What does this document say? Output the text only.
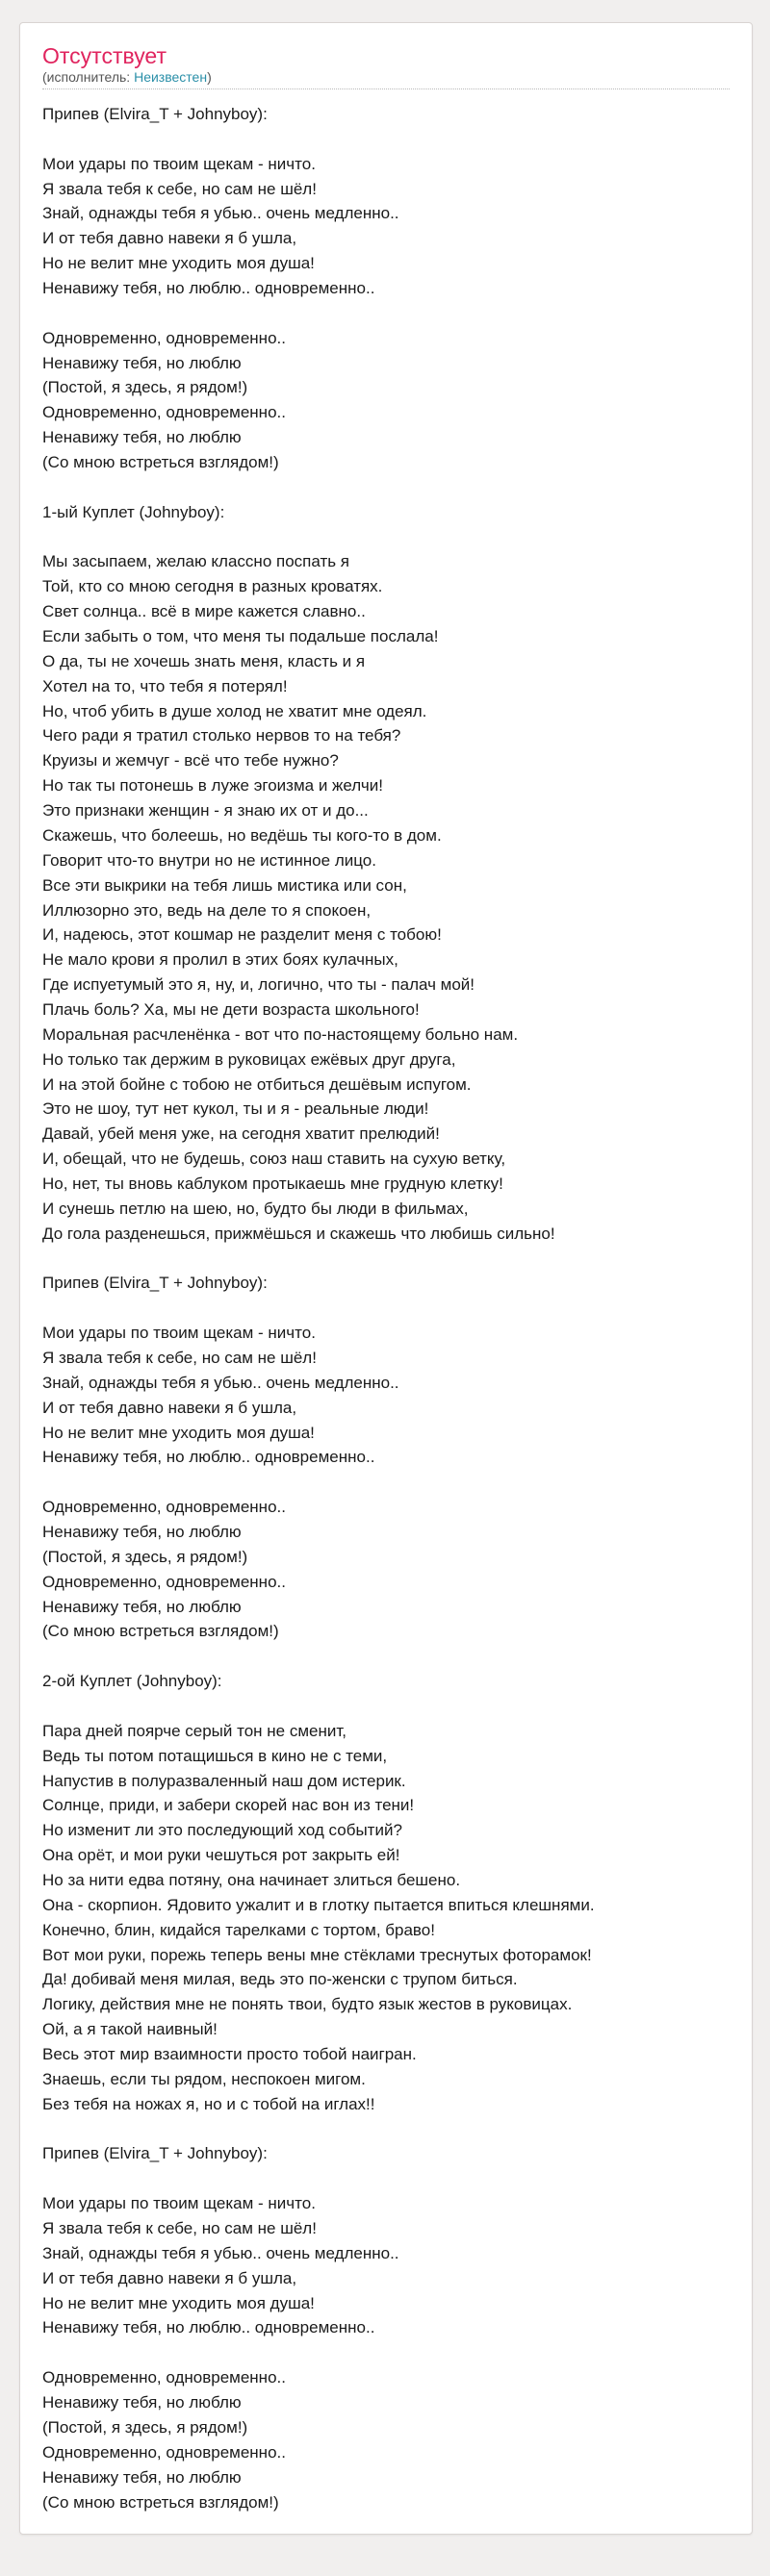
Отсутствует
(исполнитель: Неизвестен)
Припев (Elvira_T + Johnyboy):

Мои удары по твоим щекам - ничто.
Я звала тебя к себе, но сам не шёл!
Знай, однажды тебя я убью.. очень медленно..
И от тебя давно навеки я б ушла,
Но не велит мне уходить моя душа!
Ненавижу тебя, но люблю.. одновременно..

Одновременно, одновременно..
Ненавижу тебя, но люблю
(Постой, я здесь, я рядом!)
Одновременно, одновременно..
Ненавижу тебя, но люблю
(Со мною встреться взглядом!)

1-ый Куплет (Johnyboy):

Мы засыпаем, желаю классно поспать я
Той, кто со мною сегодня в разных кроватях.
Свет солнца.. всё в мире кажется славно..
Если забыть о том, что меня ты подальше послала!
О да, ты не хочешь знать меня, класть и я
Хотел на то, что тебя я потерял!
Но, чтоб убить в душе холод не хватит мне одеял.
Чего ради я тратил столько нервов то на тебя?
Круизы и жемчуг - всё что тебе нужно?
Но так ты потонешь в луже эгоизма и желчи!
Это признаки женщин - я знаю их от и до...
Скажешь, что болеешь, но ведёшь ты кого-то в дом.
Говорит что-то внутри но не истинное лицо.
Все эти выкрики на тебя лишь мистика или сон,
Иллюзорно это, ведь на деле то я спокоен,
И, надеюсь, этот кошмар не разделит меня с тобою!
Не мало крови я пролил в этих боях кулачных,
Где испуетумый это я, ну, и, логично, что ты - палач мой!
Плачь боль? Ха, мы не дети возраста школьного!
Моральная расчленёнка - вот что по-настоящему больно нам.
Но только так держим в руковицах ежёвых друг друга,
И на этой бойне с тобою не отбиться дешёвым испугом.
Это не шоу, тут нет кукол, ты и я - реальные люди!
Давай, убей меня уже, на сегодня хватит прелюдий!
И, обещай, что не будешь, союз наш ставить на сухую ветку,
Но, нет, ты вновь каблуком протыкаешь мне грудную клетку!
И сунешь петлю на шею, но, будто бы люди в фильмах,
До гола разденешься, прижмёшься и скажешь что любишь сильно!

Припев (Elvira_T + Johnyboy):

Мои удары по твоим щекам - ничто.
Я звала тебя к себе, но сам не шёл!
Знай, однажды тебя я убью.. очень медленно..
И от тебя давно навеки я б ушла,
Но не велит мне уходить моя душа!
Ненавижу тебя, но люблю.. одновременно..

Одновременно, одновременно..
Ненавижу тебя, но люблю
(Постой, я здесь, я рядом!)
Одновременно, одновременно..
Ненавижу тебя, но люблю
(Со мною встреться взглядом!)

2-ой Куплет (Johnyboy):

Пара дней поярче серый тон не сменит,
Ведь ты потом потащишься в кино не с теми,
Напустив в полуразваленный наш дом истерик.
Солнце, приди, и забери скорей нас вон из тени!
Но изменит ли это последующий ход событий?
Она орёт, и мои руки чешуться рот закрыть ей!
Но за нити едва потяну, она начинает злиться бешено.
Она - скорпион. Ядовито ужалит и в глотку пытается впиться клешнями.
Конечно, блин, кидайся тарелками с тортом, браво!
Вот мои руки, порежь теперь вены мне стёклами треснутых фоторамок!
Да! добивай меня милая, ведь это по-женски с трупом биться.
Логику, действия мне не понять твои, будто язык жестов в руковицах.
Ой, а я такой наивный!
Весь этот мир взаимности просто тобой наигран.
Знаешь, если ты рядом, неспокоен мигом.
Без тебя на ножах я, но и с тобой на иглах!!

Припев (Elvira_T + Johnyboy):

Мои удары по твоим щекам - ничто.
Я звала тебя к себе, но сам не шёл!
Знай, однажды тебя я убью.. очень медленно..
И от тебя давно навеки я б ушла,
Но не велит мне уходить моя душа!
Ненавижу тебя, но люблю.. одновременно..

Одновременно, одновременно..
Ненавижу тебя, но люблю
(Постой, я здесь, я рядом!)
Одновременно, одновременно..
Ненавижу тебя, но люблю
(Со мною встреться взглядом!)
